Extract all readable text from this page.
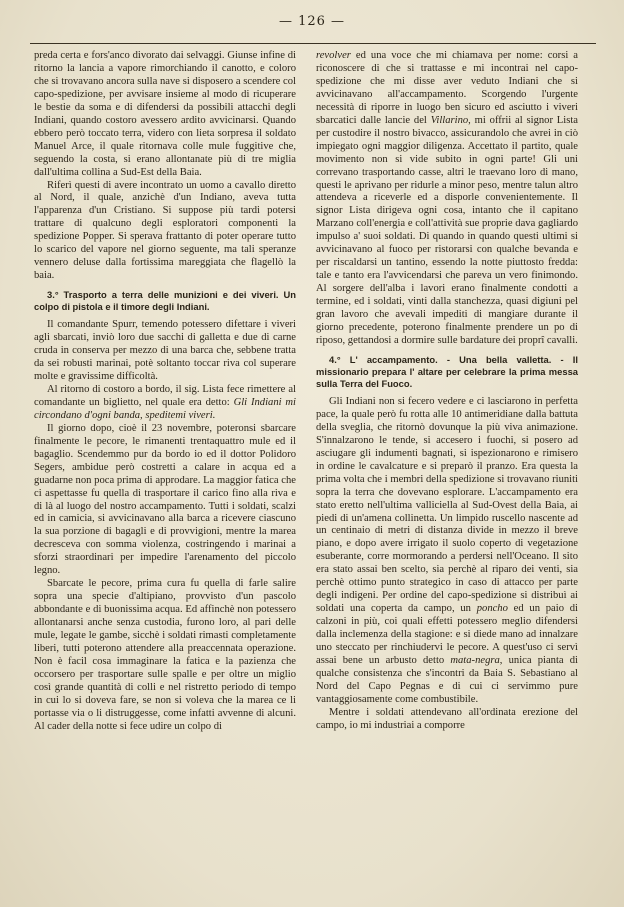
— 126 —

preda certa e fors'anco divorato dai selvaggi. Giunse infine di ritorno la lancia a vapore rimorchiando il canotto, e coloro che si trovavano ancora sulla nave si disposero a scendere col capo-spedizione, per avvisare insieme al modo di ricuperare le bestie da soma e di difendersi da possibili attacchi degli Indiani, quando costoro avessero ardito avvicinarsi. Quando ebbero però toccato terra, videro con lieta sorpresa il soldato Manuel Arce, il quale ritornava colle mule fuggitive che, seguendo la costa, si erano allontanate più di tre miglia dall'ultima collina a Sud-Est della Baia.

Riferì questi di avere incontrato un uomo a cavallo diretto al Nord, il quale, anzichè d'un Indiano, aveva tutta l'apparenza d'un Cristiano. Si suppose più tardi potersi trattare di qualcuno degli esploratori componenti la spedizione Popper. Si sperava frattanto di poter operare tutto lo scarico del vapore nel giorno seguente, ma tali speranze vennero deluse dalla fortissima mareggiata che flagellò la baia.

3.° Trasporto a terra delle munizioni e dei viveri. Un colpo di pistola e il timore degli Indiani.

Il comandante Spurr, temendo potessero difettare i viveri agli sbarcati, inviò loro due sacchi di galletta e due di carne cruda in conserva per mezzo di una barca che, sebbene tratta da sei robusti marinai, potè soltanto toccar riva col superare molte e gravissime difficoltà.

Al ritorno di costoro a bordo, il sig. Lista fece rimettere al comandante un biglietto, nel quale era detto: Gli Indiani mi circondano d'ogni banda, speditemi viveri.

Il giorno dopo, cioè il 23 novembre, poteronsi sbarcare finalmente le pecore, le rimanenti trentaquattro mule ed il bagaglio. Scendemmo pur da bordo io ed il dottor Polidoro Segers, ambidue però costretti a calare in acqua ed a guadarne non poca prima di approdare. La maggior fatica che ci aspettasse fu quella di trasportare il carico fino alla riva e di là al luogo del nostro accampamento. Tutti i soldati, scalzi ed in camicia, si avvicinavano alla barca a ricevere ciascuno la sua porzione di bagagli e di provvigioni, mentre la marea decresceva con somma violenza, costringendo i marinai a sforzi straordinari per impedire l'arenamento del piccolo legno.

Sbarcate le pecore, prima cura fu quella di farle salire sopra una specie d'altipiano, provvisto d'un pascolo abbondante e di buonissima acqua. Ed affinchè non potessero allontanarsi anche senza custodia, furono loro, al pari delle mule, legate le gambe, sicchè i soldati rimasti completamente liberi, tutti poterono attendere alla preaccennata operazione. Non è facil cosa immaginare la fatica e la pazienza che occorsero per trasportare sulle spalle e per oltre un miglio così grande quantità di colli e nel ristretto periodo di tempo in cui lo si doveva fare, se non si voleva che la marea ce li portasse via o li distruggesse, come infatti avvenne di alcuni. Al cader della notte si fece udire un colpo di

revolver ed una voce che mi chiamava per nome: corsi a riconoscere di che si trattasse e mi incontrai nel capo-spedizione che mi disse aver veduto Indiani che si avvicinavano all'accampamento. Scorgendo l'urgente necessità di riporre in luogo ben sicuro ed asciutto i viveri sbarcatici dalle lancie del Villarino, mi offrii al signor Lista per custodire il nostro bivacco, assicurandolo che avrei in ciò impiegato ogni maggior diligenza. Accettato il partito, quale movimento non si vide subito in ogni parte! Gli uni correvano trasportando casse, altri le traevano loro di mano, questi le aprivano per ridurle a minor peso, mentre talun altro attendeva a riceverle ed a disporle convenientemente. Il signor Lista dirigeva ogni cosa, intanto che il capitano Marzano coll'energia e coll'attività sue proprie dava gagliardo impulso a' suoi soldati. Di quando in quando questi ultimi si avvicinavano al fuoco per ristorarsi con qualche bevanda e per riscaldarsi un tantino, essendo la notte piuttosto fredda: tale e tanto era l'avvicendarsi che pareva un vero finimondo. Al sorgere dell'alba i lavori erano finalmente condotti a termine, ed i soldati, vinti dalla stanchezza, quasi digiuni pel gran lavoro che avevali impediti di mangiare durante il giorno precedente, poterono finalmente prendere un po di riposo, gettandosi a dormire sulle bardature dei proprî cavalli.

4.° L' accampamento. - Una bella valletta. - Il missionario prepara l' altare per celebrare la prima messa sulla Terra del Fuoco.

Gli Indiani non si fecero vedere e ci lasciarono in perfetta pace, la quale però fu rotta alle 10 antimeridiane dalla battuta della sveglia, che ritornò dovunque la più viva animazione. S'innalzarono le tende, si accesero i fuochi, si posero ad asciugare gli indumenti bagnati, si ispezionarono e rimisero in ordine le cavalcature e si preparò il pranzo. Era questa la prima volta che i membri della spedizione si trovavano riuniti sopra la terra che dovevano esplorare. L'accampamento era stato eretto nell'ultima valliciella al Sud-Ovest della Baia, ai piedi di un'amena collinetta. Un limpido ruscello nascente ad un centinaio di metri di distanza divide in mezzo il breve piano, e dopo avere irrigato il suolo coperto di vegetazione esuberante, corre mormorando a perdersi nell'Oceano. Il sito era stato assai ben scelto, sia perchè al riparo dei venti, sia perchè ottimo punto strategico in caso di attacco per parte degli indigeni. Per ordine del capo-spedizione si distribuì ai soldati una coperta da campo, un poncho ed un paio di calzoni in più, coi quali effetti potessero meglio difendersi dalla inclemenza della stagione: e si diede mano ad innalzare uno steccato per rinchiudervi le pecore. A quest'uso ci servì assai bene un arbusto detto mata-negra, unica pianta di qualche consistenza che s'incontri da Baia S. Sebastiano al Nord del Capo Pegnas e di cui ci servimmo pure vantaggiosamente come combustibile.

Mentre i soldati attendevano all'ordinata erezione del campo, io mi industriai a comporre
